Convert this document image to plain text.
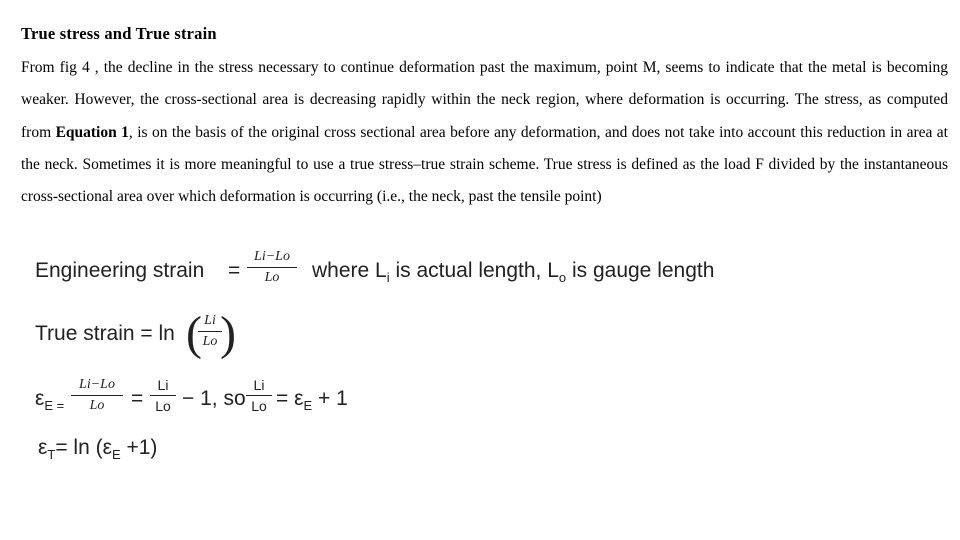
True stress and True strain
From fig 4 , the decline in the stress necessary to continue deformation past the maximum, point M, seems to indicate that the metal is becoming weaker. However, the cross-sectional area is decreasing rapidly within the neck region, where deformation is occurring. The stress, as computed from Equation 1, is on the basis of the original cross sectional area before any deformation, and does not take into account this reduction in area at the neck. Sometimes it is more meaningful to use a true stress–true strain scheme. True stress is defined as the load F divided by the instantaneous cross-sectional area over which deformation is occurring (i.e., the neck, past the tensile point)
Engineering strain =
Li−Lo
Lo	where Li is actual length, Lo is gauge length
True strain = ln ( Li
Lo )
εE =
Li−Lo
Lo	=
Li
Lo − 1, so
Li
Lo = εE + 1
εT= ln (εE +1)
